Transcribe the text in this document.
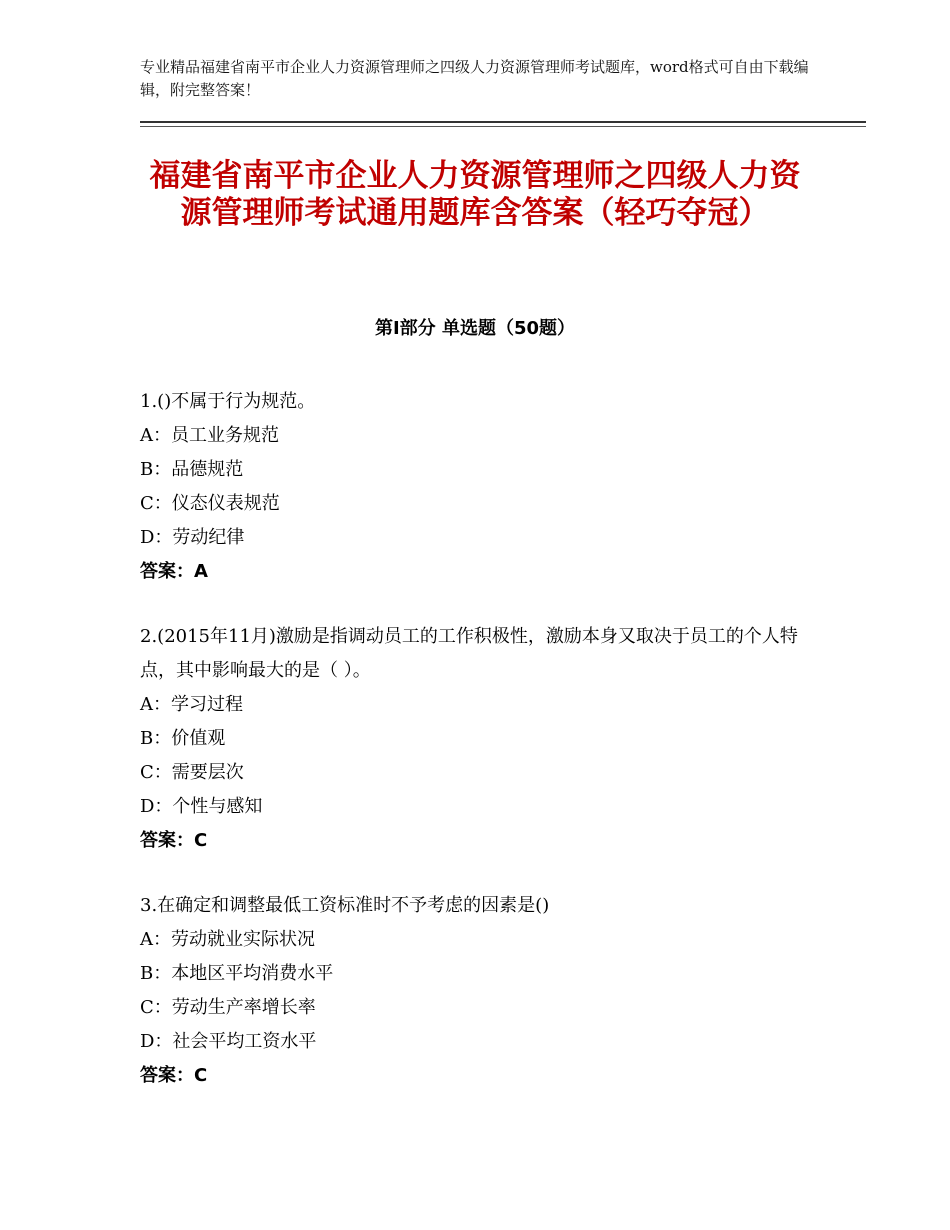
专业精品福建省南平市企业人力资源管理师之四级人力资源管理师考试题库，word格式可自由下载编辑，附完整答案！
福建省南平市企业人力资源管理师之四级人力资源管理师考试通用题库含答案（轻巧夺冠）
第Ⅰ部分 单选题（50题）

1.()不属于行为规范。

A：员工业务规范

B：品德规范

C：仪态仪表规范

D：劳动纪律

答案：A

2.(2015年11月)激励是指调动员工的工作积极性，激励本身又取决于员工的个人特点，其中影响最大的是（ ）。

A：学习过程

B：价值观

C：需要层次

D：个性与感知

答案：C

3.在确定和调整最低工资标准时不予考虑的因素是()

A：劳动就业实际状况

B：本地区平均消费水平

C：劳动生产率增长率

D：社会平均工资水平

答案：C
